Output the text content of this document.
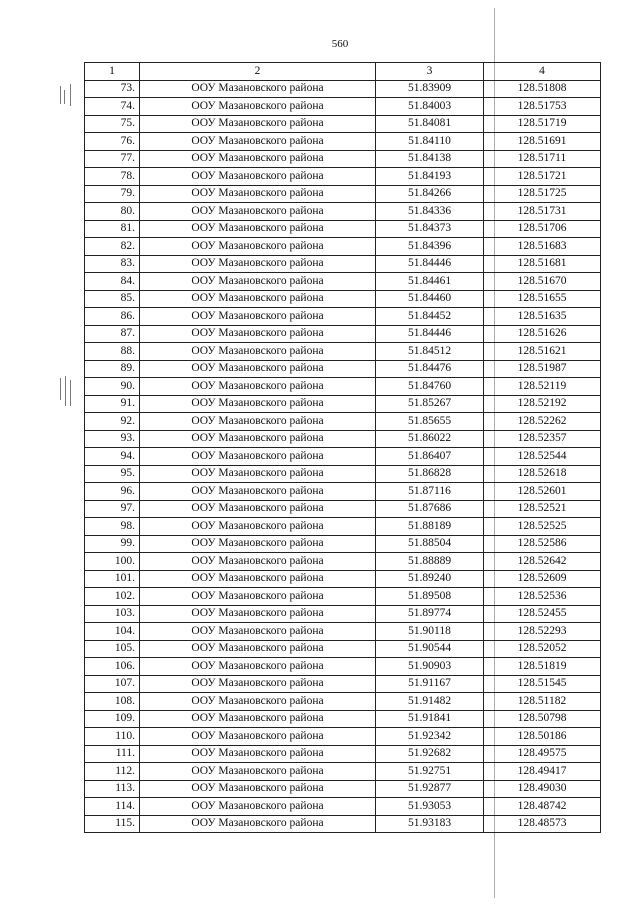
560
1	2	3	4
73.	ООУ Мазановского района	51.83909	128.51808
74.	ООУ Мазановского района	51.84003	128.51753
75.	ООУ Мазановского района	51.84081	128.51719
76.	ООУ Мазановского района	51.84110	128.51691
77.	ООУ Мазановского района	51.84138	128.51711
78.	ООУ Мазановского района	51.84193	128.51721
79.	ООУ Мазановского района	51.84266	128.51725
80.	ООУ Мазановского района	51.84336	128.51731
81.	ООУ Мазановского района	51.84373	128.51706
82.	ООУ Мазановского района	51.84396	128.51683
83.	ООУ Мазановского района	51.84446	128.51681
84.	ООУ Мазановского района	51.84461	128.51670
85.	ООУ Мазановского района	51.84460	128.51655
86.	ООУ Мазановского района	51.84452	128.51635
87.	ООУ Мазановского района	51.84446	128.51626
88.	ООУ Мазановского района	51.84512	128.51621
89.	ООУ Мазановского района	51.84476	128.51987
90.	ООУ Мазановского района	51.84760	128.52119
91.	ООУ Мазановского района	51.85267	128.52192
92.	ООУ Мазановского района	51.85655	128.52262
93.	ООУ Мазановского района	51.86022	128.52357
94.	ООУ Мазановского района	51.86407	128.52544
95.	ООУ Мазановского района	51.86828	128.52618
96.	ООУ Мазановского района	51.87116	128.52601
97.	ООУ Мазановского района	51.87686	128.52521
98.	ООУ Мазановского района	51.88189	128.52525
99.	ООУ Мазановского района	51.88504	128.52586
100.	ООУ Мазановского района	51.88889	128.52642
101.	ООУ Мазановского района	51.89240	128.52609
102.	ООУ Мазановского района	51.89508	128.52536
103.	ООУ Мазановского района	51.89774	128.52455
104.	ООУ Мазановского района	51.90118	128.52293
105.	ООУ Мазановского района	51.90544	128.52052
106.	ООУ Мазановского района	51.90903	128.51819
107.	ООУ Мазановского района	51.91167	128.51545
108.	ООУ Мазановского района	51.91482	128.51182
109.	ООУ Мазановского района	51.91841	128.50798
110.	ООУ Мазановского района	51.92342	128.50186
111.	ООУ Мазановского района	51.92682	128.49575
112.	ООУ Мазановского района	51.92751	128.49417
113.	ООУ Мазановского района	51.92877	128.49030
114.	ООУ Мазановского района	51.93053	128.48742
115.	ООУ Мазановского района	51.93183	128.48573
